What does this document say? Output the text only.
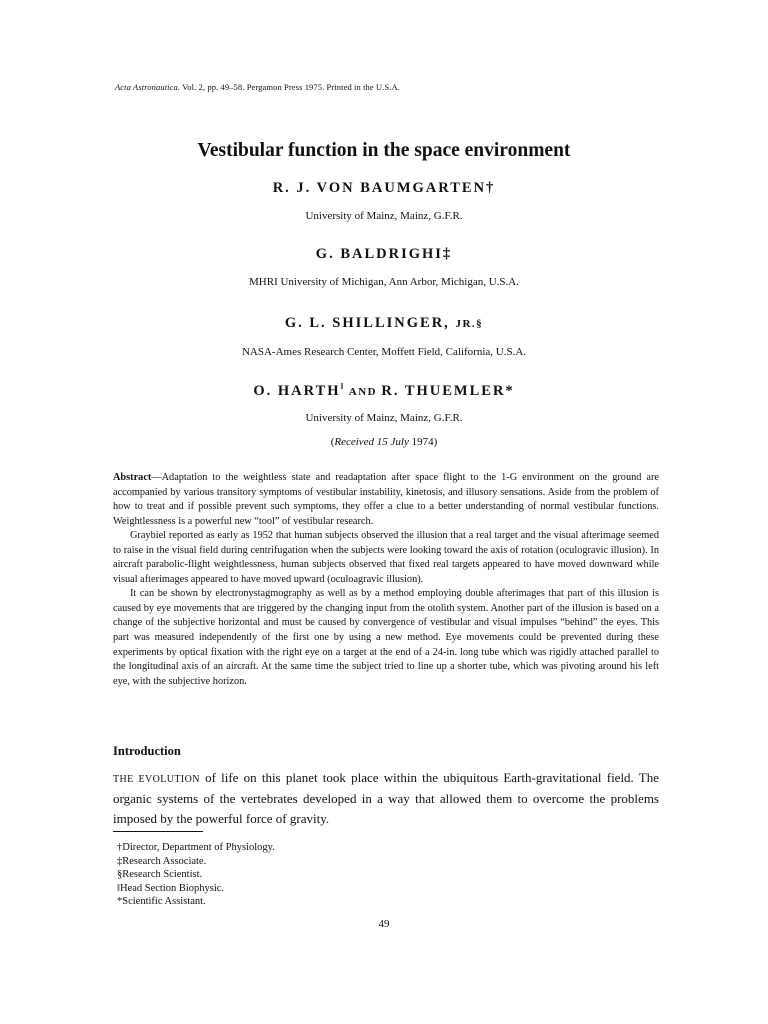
Acta Astronautica. Vol. 2, pp. 49–58. Pergamon Press 1975. Printed in the U.S.A.
Vestibular function in the space environment
R. J. VON BAUMGARTEN†
University of Mainz, Mainz, G.F.R.
G. BALDRIGHI‡
MHRI University of Michigan, Ann Arbor, Michigan, U.S.A.
G. L. SHILLINGER, JR.§
NASA-Ames Research Center, Moffett Field, California, U.S.A.
O. $HARTH^ǁ$ AND R. THUEMLER*
University of Mainz, Mainz, G.F.R.
(Received 15 July 1974)

Abstract—Adaptation to the weightless state and readaptation after space flight to the 1-G environment on the ground are accompanied by various transitory symptoms of vestibular instability, kinetosis, and illusory sensations. Aside from the problem of how to treat and if possible prevent such symptoms, they offer a clue to a better understanding of normal vestibular functions. Weightlessness is a powerful new “tool” of vestibular research.

Graybiel reported as early as 1952 that human subjects observed the illusion that a real target and the visual afterimage seemed to raise in the visual field during centrifugation when the subjects were looking toward the axis of rotation (oculogravic illusion). In aircraft parabolic-flight weightlessness, human subjects observed that fixed real targets appeared to have moved downward while visual afterimages appeared to have moved upward (oculoagravic illusion).

It can be shown by electronystagmography as well as by a method employing double afterimages that part of this illusion is caused by eye movements that are triggered by the changing input from the otolith system. Another part of the illusion is based on a change of the subjective horizontal and must be caused by convergence of vestibular and visual impulses “behind” the eyes. This part was measured independently of the first one by using a new method. Eye movements could be prevented during these experiments by optical fixation with the right eye on a target at the end of a 24-in. long tube which was rigidly attached parallel to the longitudinal axis of an aircraft. At the same time the subject tried to line up a shorter tube, which was pivoting around his left eye, with the subjective horizon.

Introduction
THE EVOLUTION of life on this planet took place within the ubiquitous Earth-gravitational field. The organic systems of the vertebrates developed in a way that allowed them to overcome the problems imposed by the powerful force of gravity.
†Director, Department of Physiology.
‡Research Associate.
§Research Scientist.
ǁHead Section Biophysic.
*Scientific Assistant.
49
